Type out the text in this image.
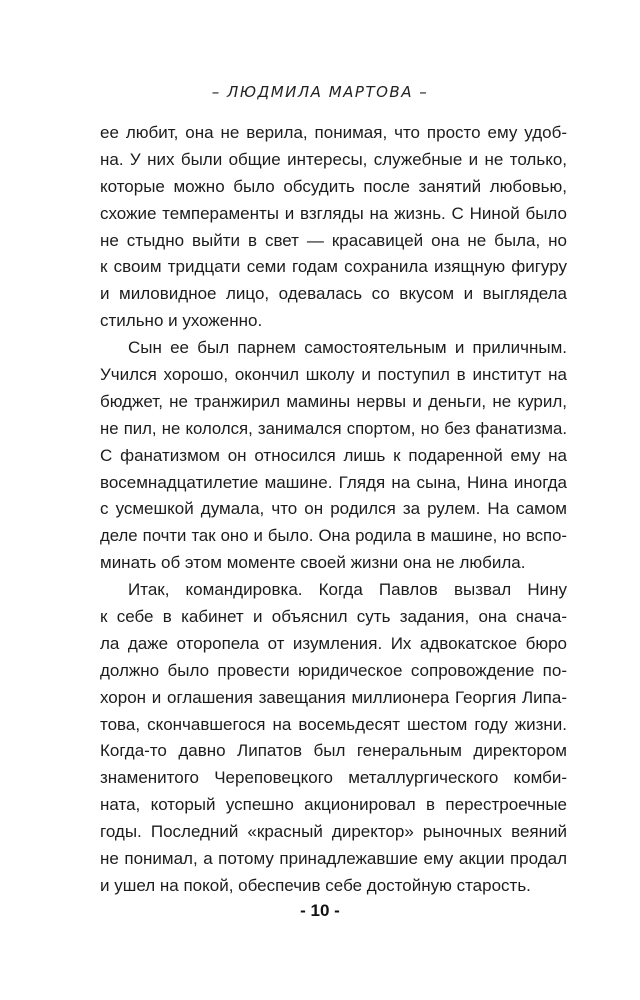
– ЛЮДМИЛА МАРТОВА –
ее любит, она не верила, понимая, что просто ему удоб-
на. У них были общие интересы, служебные и не только,
которые можно было обсудить после занятий любовью,
схожие темпераменты и взгляды на жизнь. С Ниной было
не стыдно выйти в свет — красавицей она не была, но
к своим тридцати семи годам сохранила изящную фигуру
и миловидное лицо, одевалась со вкусом и выглядела
стильно и ухоженно.
Сын ее был парнем самостоятельным и приличным.
Учился хорошо, окончил школу и поступил в институт на
бюджет, не транжирил мамины нервы и деньги, не курил,
не пил, не кололся, занимался спортом, но без фанатизма.
С фанатизмом он относился лишь к подаренной ему на
восемнадцатилетие машине. Глядя на сына, Нина иногда
с усмешкой думала, что он родился за рулем. На самом
деле почти так оно и было. Она родила в машине, но вспо-
минать об этом моменте своей жизни она не любила.
Итак, командировка. Когда Павлов вызвал Нину
к себе в кабинет и объяснил суть задания, она снача-
ла даже оторопела от изумления. Их адвокатское бюро
должно было провести юридическое сопровождение по-
хорон и оглашения завещания миллионера Георгия Липа-
това, скончавшегося на восемьдесят шестом году жизни.
Когда-то давно Липатов был генеральным директором
знаменитого Череповецкого металлургического комби-
ната, который успешно акционировал в перестроечные
годы. Последний «красный директор» рыночных веяний
не понимал, а потому принадлежавшие ему акции продал
и ушел на покой, обеспечив себе достойную старость.
- 10 -
